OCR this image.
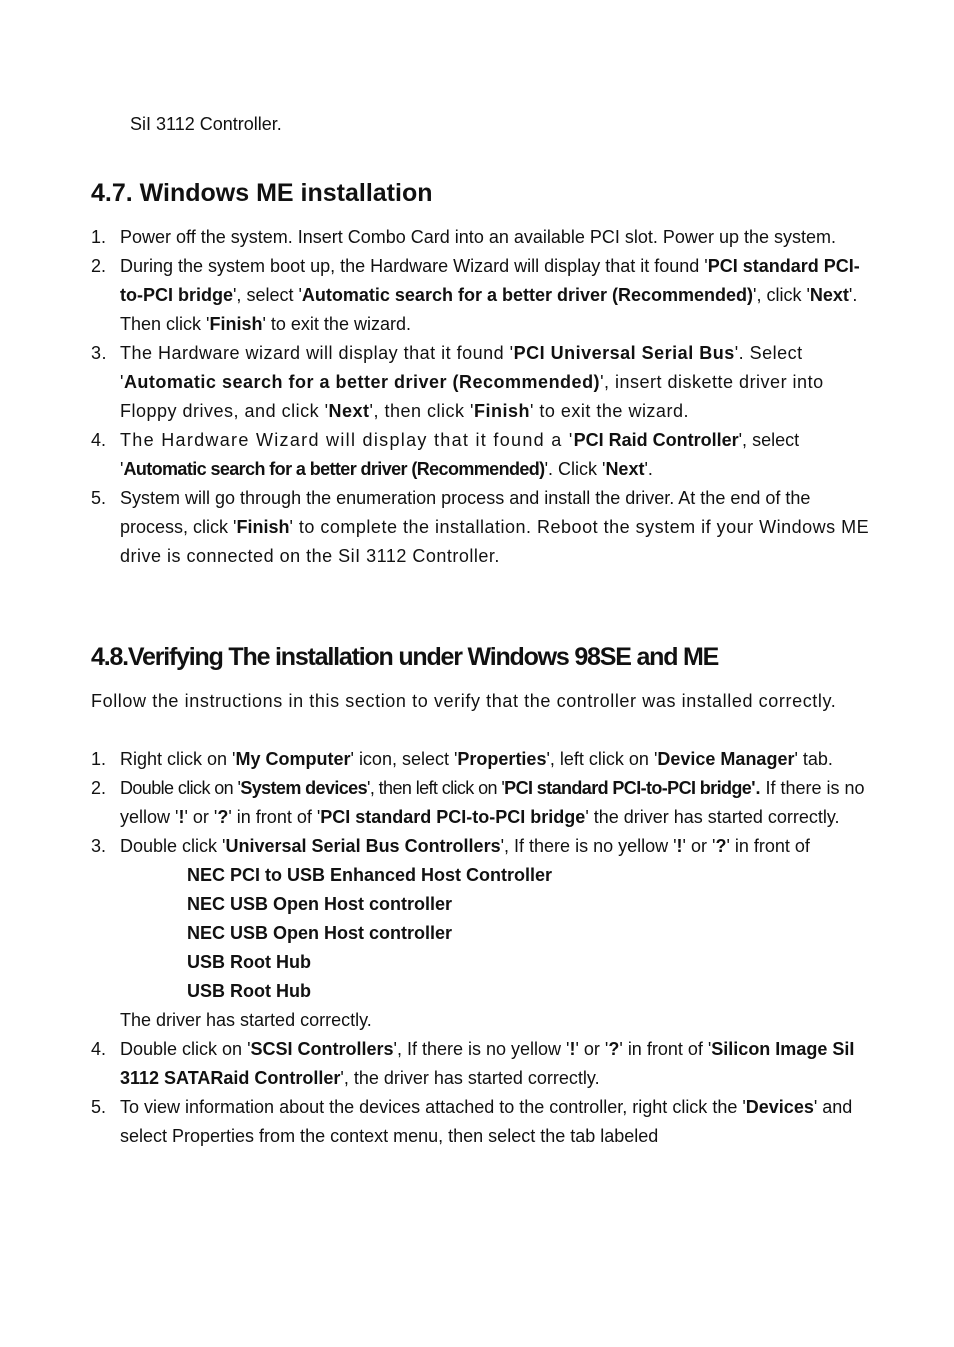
SiI 3112 Controller.

4.7. Windows ME installation
1. Power off the system. Insert Combo Card into an available PCI slot. Power up the system.
2. During the system boot up, the Hardware Wizard will display that it found 'PCI standard PCI-to-PCI bridge', select 'Automatic search for a better driver (Recommended)', click 'Next'. Then click 'Finish' to exit the wizard.
3. The Hardware wizard will display that it found 'PCI Universal Serial Bus'. Select 'Automatic search for a better driver (Recommended)', insert diskette driver into Floppy drives, and click 'Next', then click 'Finish' to exit the wizard.
4. The Hardware Wizard will display that it found a 'PCI Raid Controller', select 'Automatic search for a better driver (Recommended)'. Click 'Next'.
5. System will go through the enumeration process and install the driver. At the end of the process, click 'Finish' to complete the installation. Reboot the system if your Windows ME drive is connected on the SiI 3112 Controller.
4.8.Verifying The installation under Windows 98SE and ME

Follow the instructions in this section to verify that the controller was installed correctly.

1. Right click on 'My Computer' icon, select 'Properties', left click on 'Device Manager' tab.
2. Double click on 'System devices', then left click on 'PCI standard PCI-to-PCI bridge'. If there is no yellow '!' or '?' in front of 'PCI standard PCI-to-PCI bridge' the driver has started correctly.
3. Double click 'Universal Serial Bus Controllers', If there is no yellow '!' or '?' in front of
NEC PCI to USB Enhanced Host Controller
NEC USB Open Host controller
NEC USB Open Host controller
USB Root Hub
USB Root Hub

The driver has started correctly.

4. Double click on 'SCSI Controllers', If there is no yellow '!' or '?' in front of 'Silicon Image SiI 3112 SATARaid Controller', the driver has started correctly.
5. To view information about the devices attached to the controller, right click the 'Devices' and select Properties from the context menu, then select the tab labeled
